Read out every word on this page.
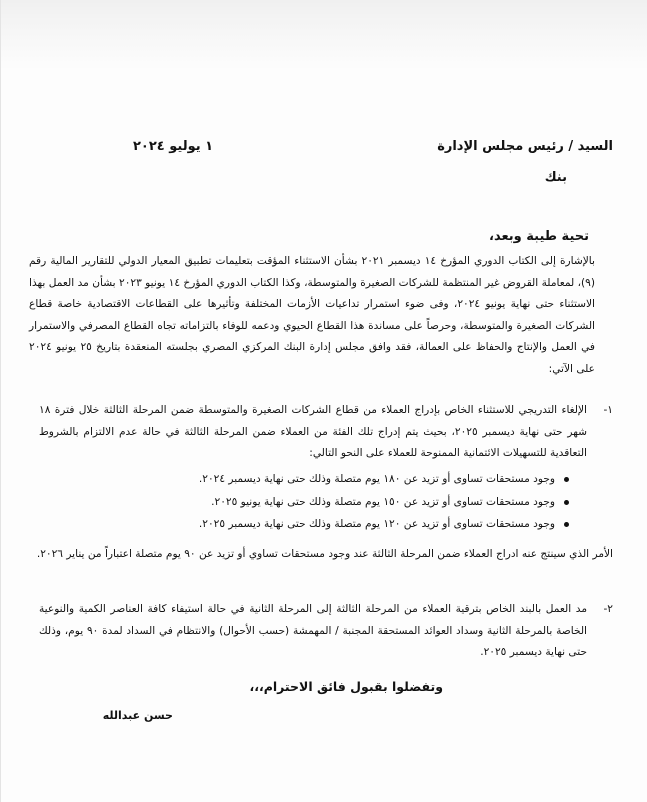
١ يوليو ٢٠٢٤	السيد / رئيس مجلس الإدارة
بنك
تحية طيبة وبعد،
بالإشارة إلى الكتاب الدوري المؤرخ ١٤ ديسمبر ٢٠٢١ بشأن الاستثناء المؤقت بتعليمات تطبيق المعيار الدولي للتقارير المالية رقم (٩)، لمعاملة القروض غير المنتظمة للشركات الصغيرة والمتوسطة، وكذا الكتاب الدوري المؤرخ ١٤ يونيو ٢٠٢٣ بشأن مد العمل بهذا الاستثناء حتى نهاية يونيو ٢٠٢٤، وفى ضوء استمرار تداعيات الأزمات المختلفة وتأثيرها على القطاعات الاقتصادية خاصة قطاع الشركات الصغيرة والمتوسطة، وحرصاً على مساندة هذا القطاع الحيوي ودعمه للوفاء بالتزاماته تجاه القطاع المصرفي والاستمرار في العمل والإنتاج والحفاظ على العمالة، فقد وافق مجلس إدارة البنك المركزي المصري بجلسته المنعقدة بتاريخ ٢٥ يونيو ٢٠٢٤ على الآتي:
١-
الإلغاء التدريجي للاستثناء الخاص بإدراج العملاء من قطاع الشركات الصغيرة والمتوسطة ضمن المرحلة الثالثة خلال فترة ١٨ شهر حتى نهاية ديسمبر ٢٠٢٥، بحيث يتم إدراج تلك الفئة من العملاء ضمن المرحلة الثالثة في حالة عدم الالتزام بالشروط التعاقدية للتسهيلات الائتمانية الممنوحة للعملاء على النحو التالي:
وجود مستحقات تساوى أو تزيد عن ١٨٠ يوم متصلة وذلك حتى نهاية ديسمبر ٢٠٢٤.
وجود مستحقات تساوى أو تزيد عن ١٥٠ يوم متصلة وذلك حتى نهاية يونيو ٢٠٢٥.
وجود مستحقات تساوى أو تزيد عن ١٢٠ يوم متصلة وذلك حتى نهاية ديسمبر ٢٠٢٥.
الأمر الذي سينتج عنه ادراج العملاء ضمن المرحلة الثالثة عند وجود مستحقات تساوي أو تزيد عن ٩٠ يوم متصلة اعتباراً من يناير ٢٠٢٦.
٢-
مد العمل بالبند الخاص بترقية العملاء من المرحلة الثالثة إلى المرحلة الثانية في حالة استيفاء كافة العناصر الكمية والنوعية الخاصة بالمرحلة الثانية وسداد العوائد المستحقة المجنبة / المهمشة (حسب الأحوال) والانتظام في السداد لمدة ٩٠ يوم، وذلك حتى نهاية ديسمبر ٢٠٢٥.
وتفضلوا بقبول فائق الاحترام،،،
حسن عبدالله
